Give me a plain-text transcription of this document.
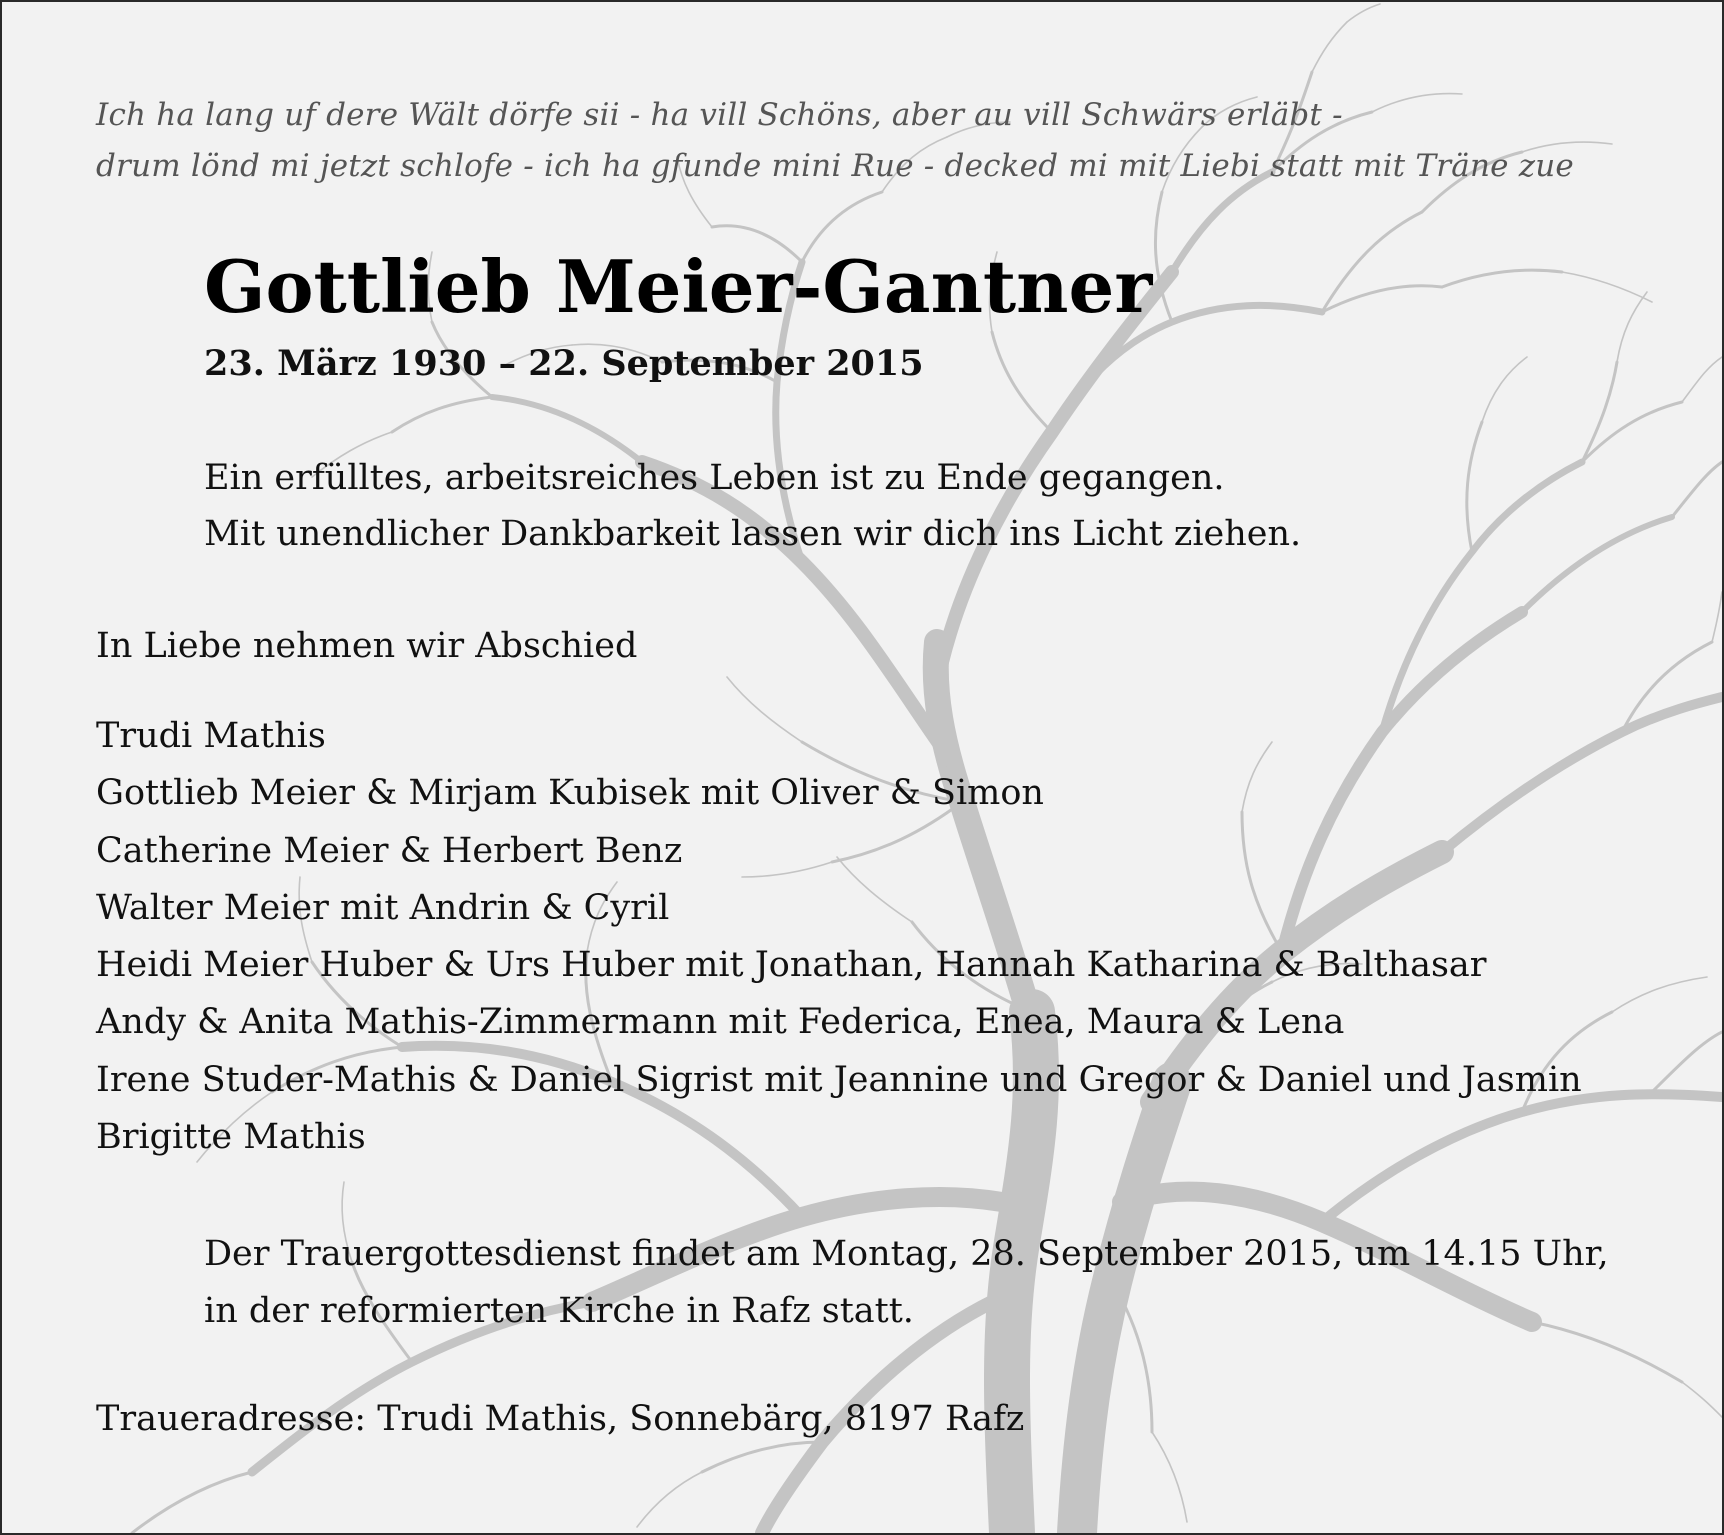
Ich ha lang uf dere Wält dörfe sii - ha vill Schöns, aber au vill Schwärs erläbt -
drum lönd mi jetzt schlofe - ich ha gfunde mini Rue - decked mi mit Liebi statt mit Träne zue
Gottlieb Meier-Gantner
23. März 1930 – 22. September 2015
Ein erfülltes, arbeitsreiches Leben ist zu Ende gegangen.
Mit unendlicher Dankbarkeit lassen wir dich ins Licht ziehen.
In Liebe nehmen wir Abschied
Trudi Mathis
Gottlieb Meier & Mirjam Kubisek mit Oliver & Simon
Catherine Meier & Herbert Benz
Walter Meier mit Andrin & Cyril
Heidi Meier Huber & Urs Huber mit Jonathan, Hannah Katharina & Balthasar
Andy & Anita Mathis-Zimmermann mit Federica, Enea, Maura & Lena
Irene Studer-Mathis & Daniel Sigrist mit Jeannine und Gregor & Daniel und Jasmin
Brigitte Mathis
Der Trauergottesdienst findet am Montag, 28. September 2015, um 14.15 Uhr,
in der reformierten Kirche in Rafz statt.
Traueradresse: Trudi Mathis, Sonnebärg, 8197 Rafz
